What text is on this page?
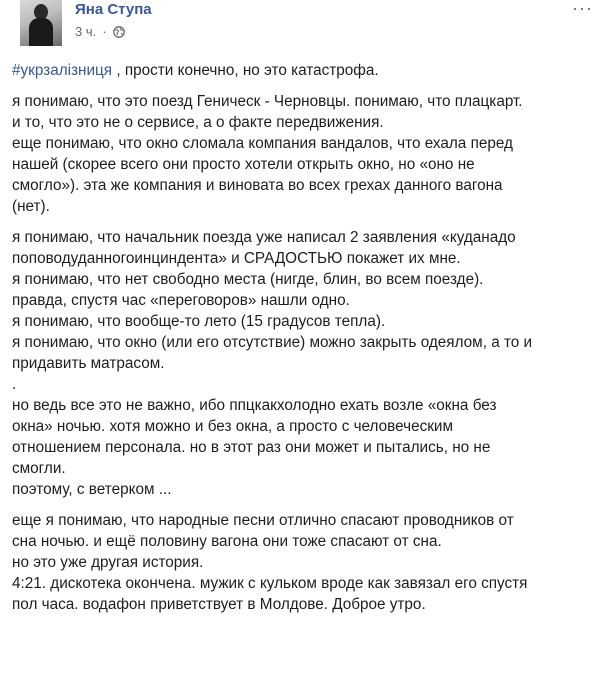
Яна Ступа
3 ч. ·
···

#укрзалізниця , прости конечно, но это катастрофа.

я понимаю, что это поезд Геническ - Черновцы. понимаю, что плацкарт.
и то, что это не о сервисе, а о факте передвижения.
еще понимаю, что окно сломала компания вандалов, что ехала перед
нашей (скорее всего они просто хотели открыть окно, но «оно не
смогло»). эта же компания и виновата во всех грехах данного вагона
(нет).

я понимаю, что начальник поезда уже написал 2 заявления «куданадо
поповодуданногоинциндента» и СРАДОСТЬЮ покажет их мне.
я понимаю, что нет свободно места (нигде, блин, во всем поезде).
правда, спустя час «переговоров» нашли одно.
я понимаю, что вообще-то лето (15 градусов тепла).
я понимаю, что окно (или его отсутствие) можно закрыть одеялом, а то и
придавить матрасом.
.
но ведь все это не важно, ибо ппцкакхолодно ехать возле «окна без
окна» ночью. хотя можно и без окна, а просто с человеческим
отношением персонала. но в этот раз они может и пытались, но не
смогли.
поэтому, с ветерком ...

еще я понимаю, что народные песни отлично спасают проводников от
сна ночью. и ещё половину вагона они тоже спасают от сна.
но это уже другая история.
4:21. дискотека окончена. мужик с кульком вроде как завязал его спустя
пол часа. водафон приветствует в Молдове. Доброе утро.
